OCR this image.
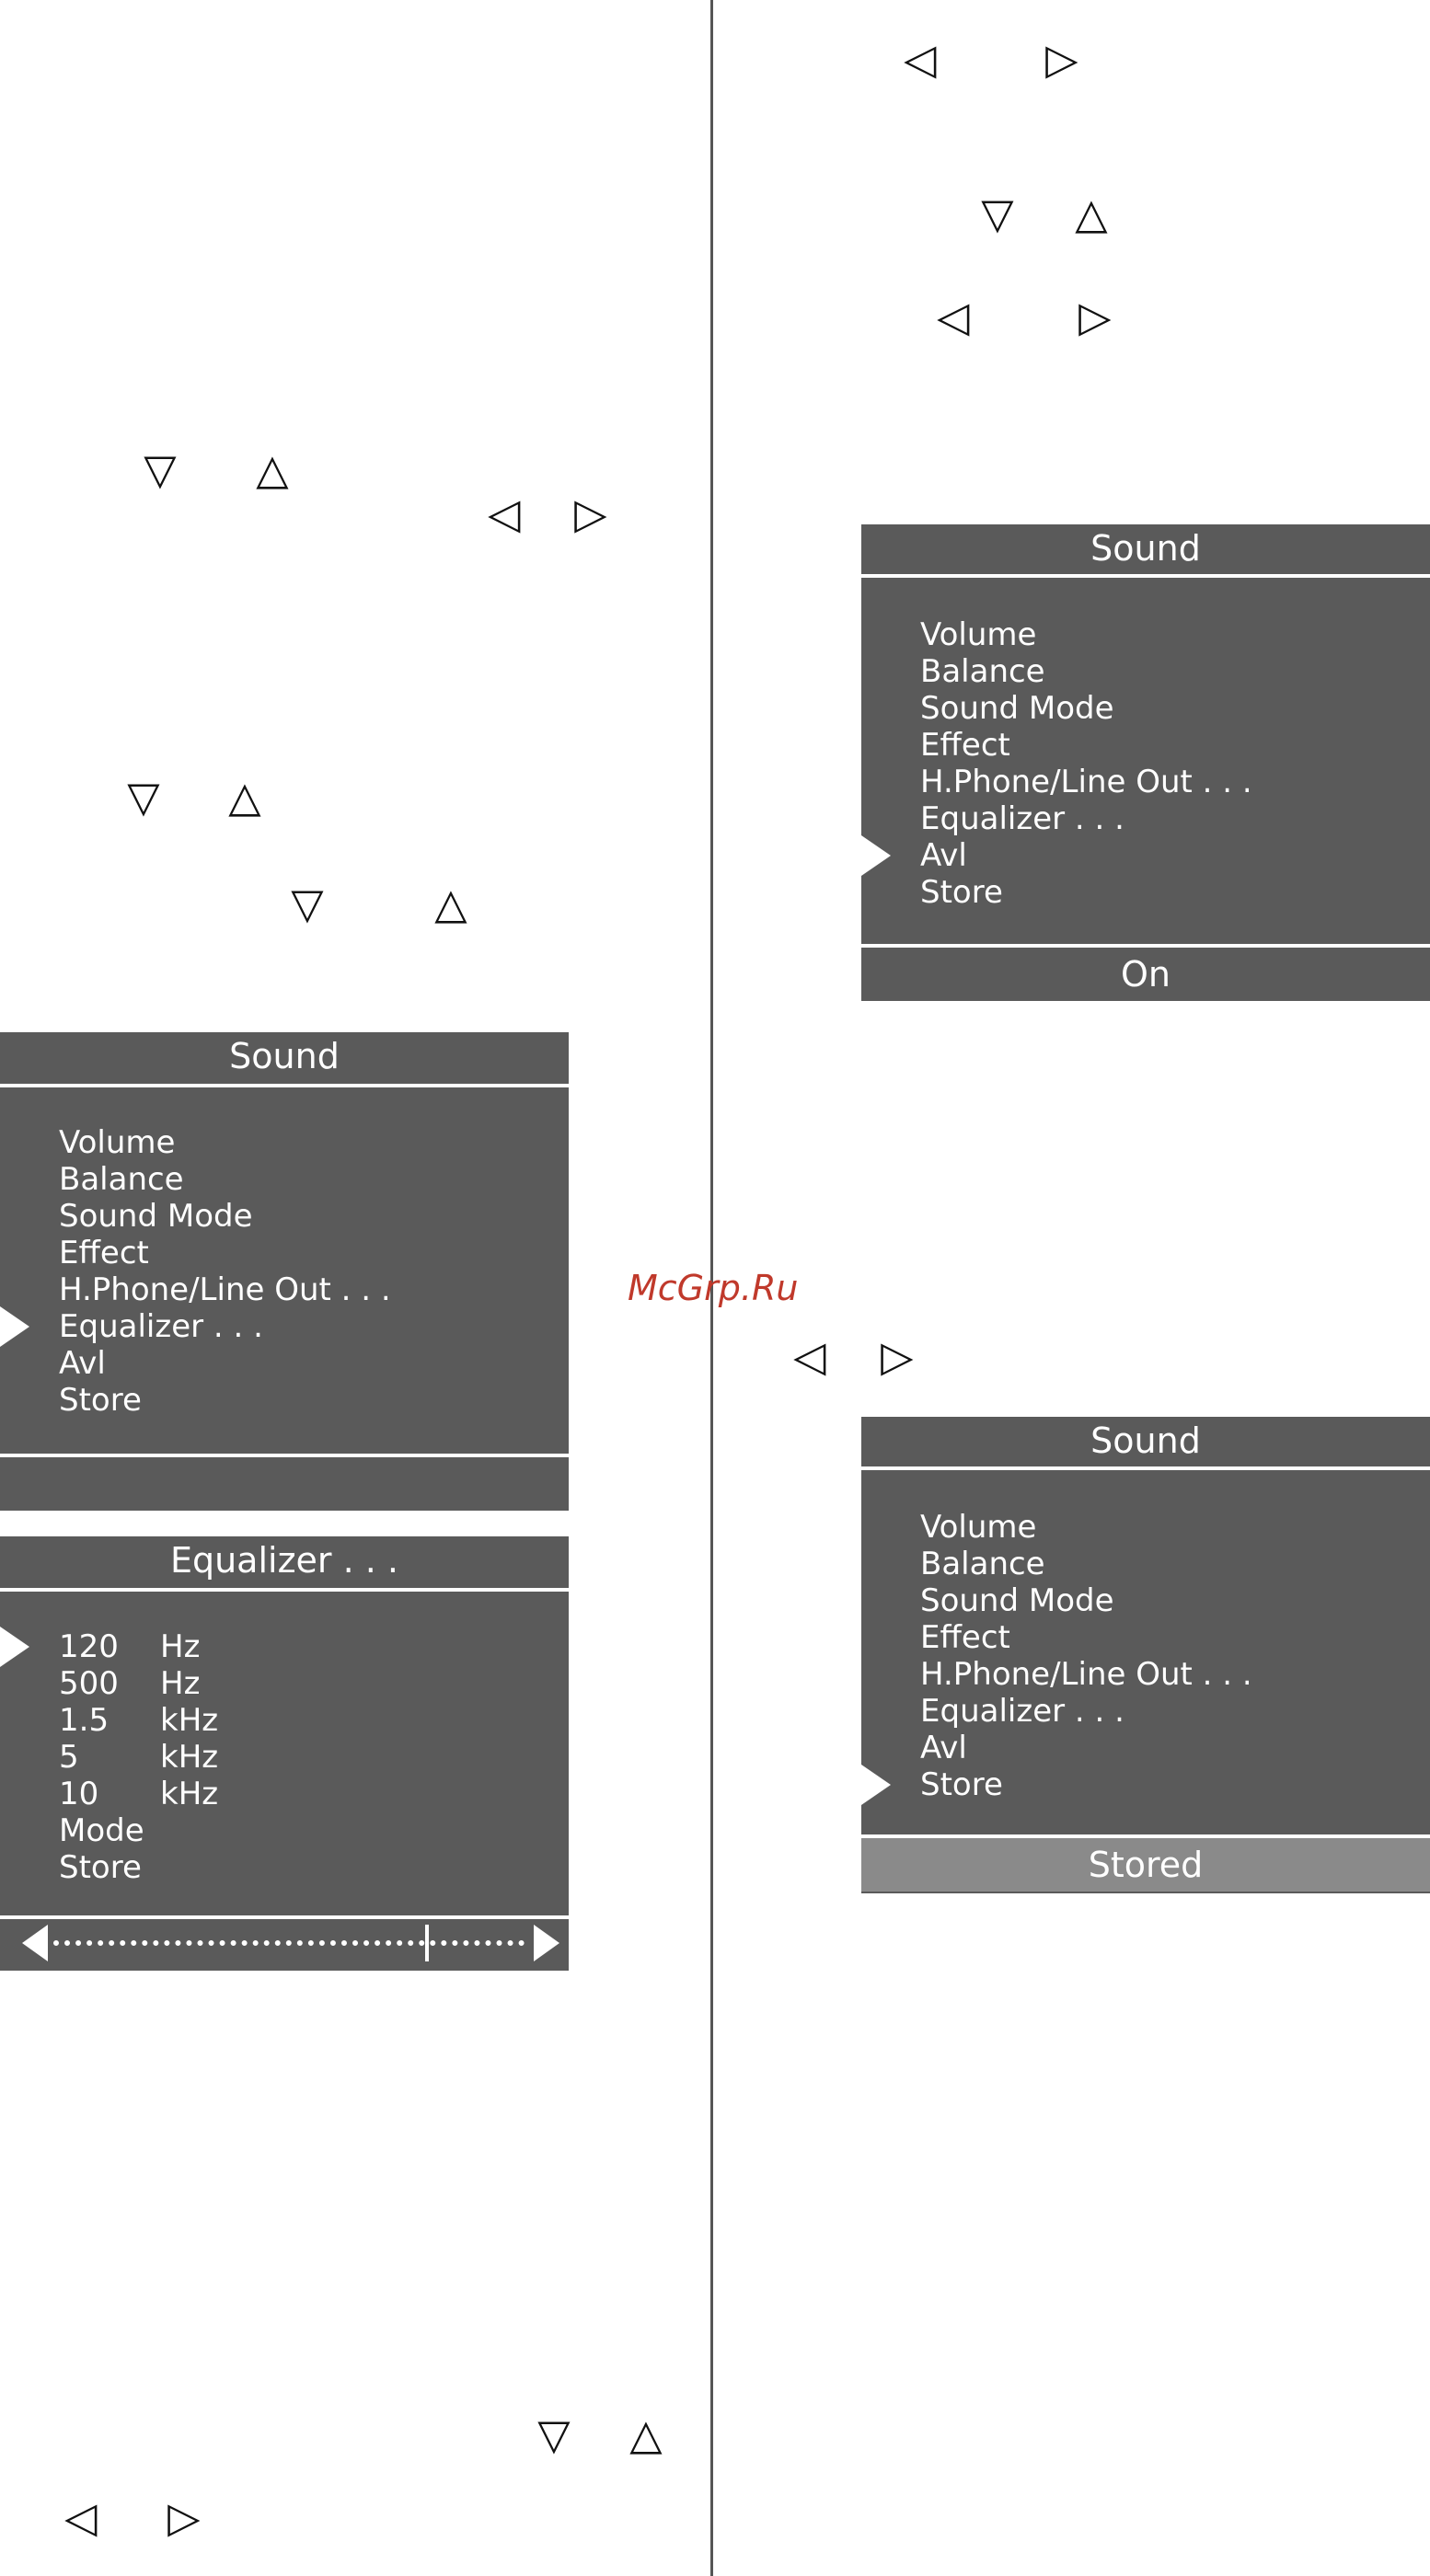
◁	▷
▽ △
◁	▷
◁ ▷
▽ △
◁ ▷
▽ △
▽	△
▽ △
◁ ▷
McGrp.Ru
Sound
Volume
Balance
Sound Mode
Effect
H.Phone/Line Out . . .
Equalizer . . .
Avl
Store
Equalizer . . .
120 Hz
500 Hz
1.5 kHz
5	kHz
10 kHz
Mode
Store
Sound
Volume
Balance
Sound Mode
Effect
H.Phone/Line Out . . .
Equalizer . . .
Avl
Store
On
Sound
Volume
Balance
Sound Mode
Effect
H.Phone/Line Out . . .
Equalizer . . .
Avl
Store
Stored
